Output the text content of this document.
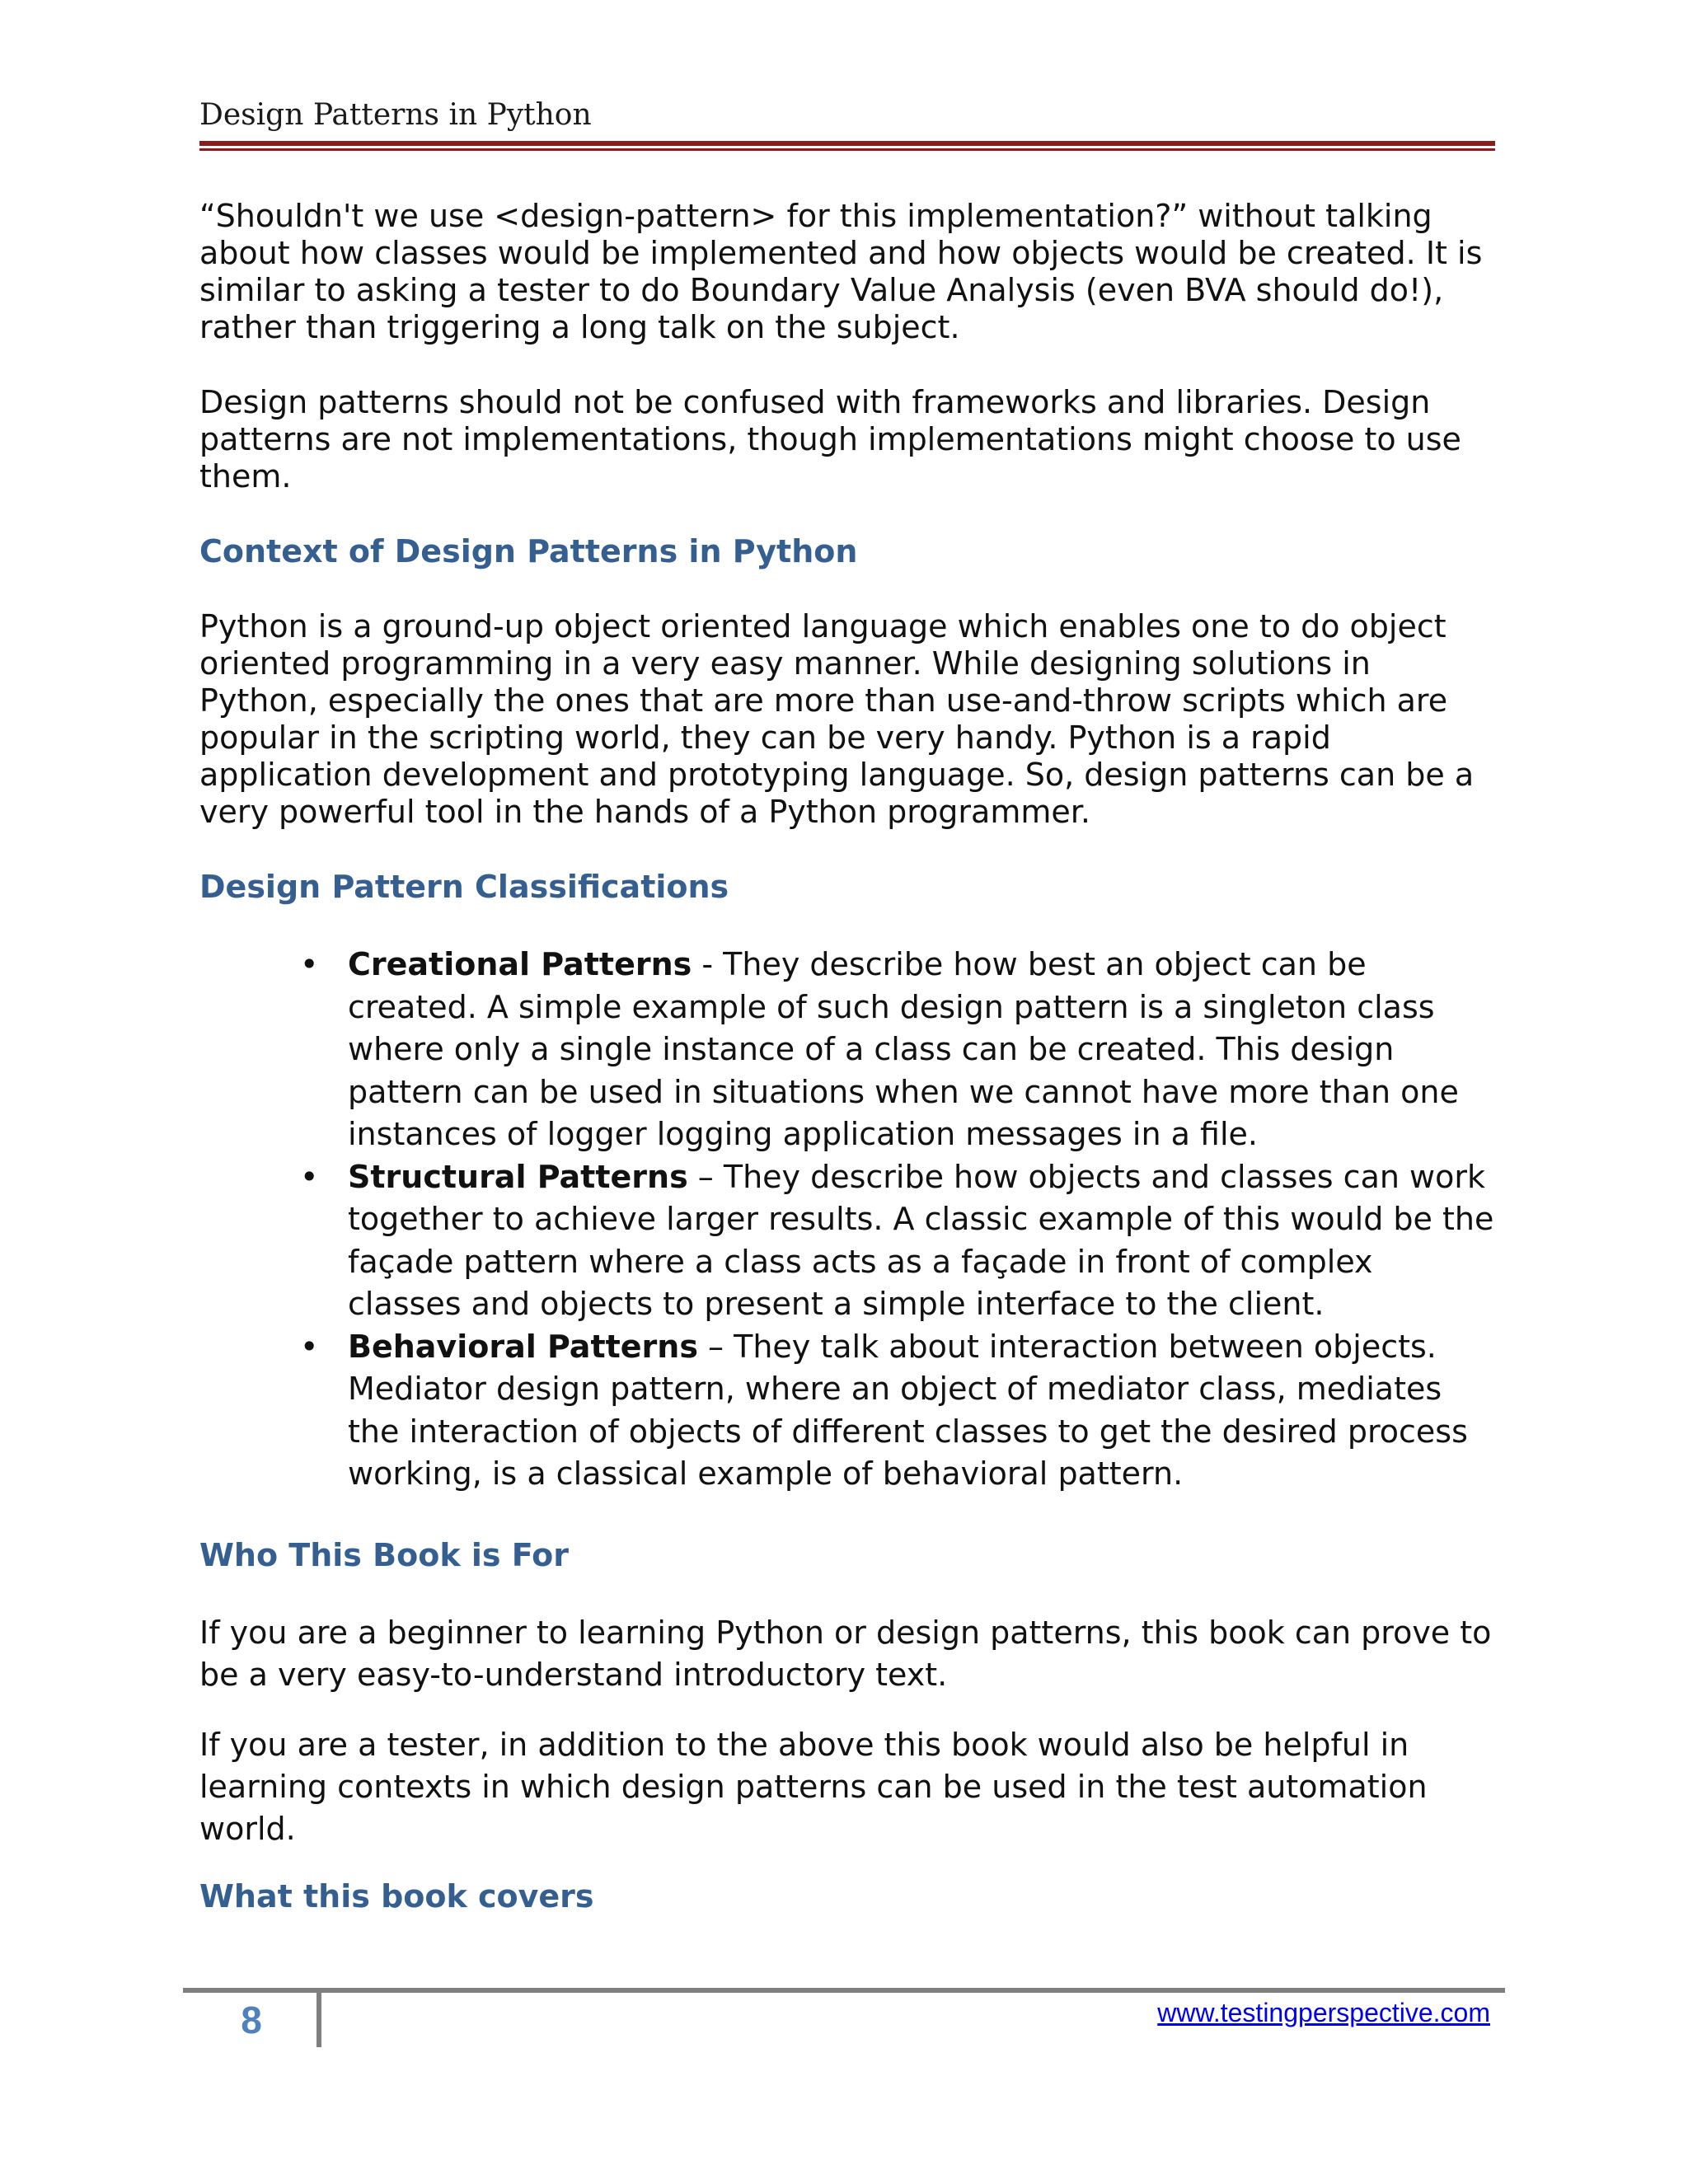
Design Patterns in Python

“Shouldn't we use <design-pattern> for this implementation?” without talking about how classes would be implemented and how objects would be created. It is similar to asking a tester to do Boundary Value Analysis (even BVA should do!), rather than triggering a long talk on the subject.

Design patterns should not be confused with frameworks and libraries. Design patterns are not implementations, though implementations might choose to use them.

Context of Design Patterns in Python

Python is a ground-up object oriented language which enables one to do object oriented programming in a very easy manner. While designing solutions in Python, especially the ones that are more than use-and-throw scripts which are popular in the scripting world, they can be very handy. Python is a rapid application development and prototyping language. So, design patterns can be a very powerful tool in the hands of a Python programmer.

Design Pattern Classifications
• Creational Patterns - They describe how best an object can be created. A simple example of such design pattern is a singleton class where only a single instance of a class can be created. This design pattern can be used in situations when we cannot have more than one instances of logger logging application messages in a file.
• Structural Patterns – They describe how objects and classes can work together to achieve larger results. A classic example of this would be the façade pattern where a class acts as a façade in front of complex classes and objects to present a simple interface to the client.
• Behavioral Patterns – They talk about interaction between objects. Mediator design pattern, where an object of mediator class, mediates the interaction of objects of different classes to get the desired process working, is a classical example of behavioral pattern.
Who This Book is For

If you are a beginner to learning Python or design patterns, this book can prove to be a very easy-to-understand introductory text.

If you are a tester, in addition to the above this book would also be helpful in learning contexts in which design patterns can be used in the test automation world.

What this book covers
8	www.testingperspective.com
